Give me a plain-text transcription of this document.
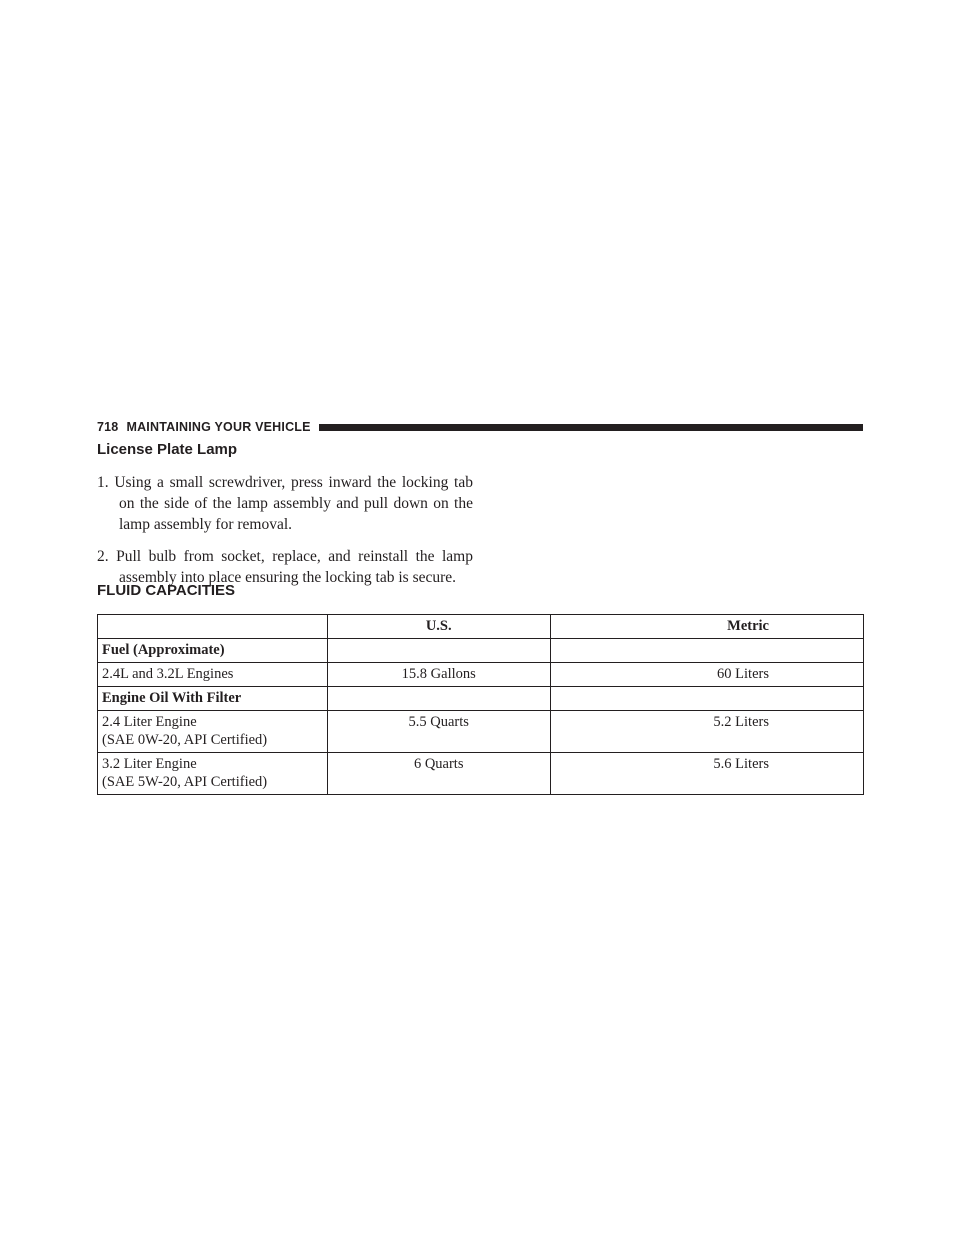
718 MAINTAINING YOUR VEHICLE
License Plate Lamp
1. Using a small screwdriver, press inward the locking tab on the side of the lamp assembly and pull down on the lamp assembly for removal.
2. Pull bulb from socket, replace, and reinstall the lamp assembly into place ensuring the locking tab is secure.
FLUID CAPACITIES
	U.S.	Metric
Fuel (Approximate)		
2.4L and 3.2L Engines	15.8 Gallons	60 Liters
Engine Oil With Filter		
2.4 Liter Engine
(SAE 0W-20, API Certified)	5.5 Quarts	5.2 Liters
3.2 Liter Engine
(SAE 5W-20, API Certified)	6 Quarts	5.6 Liters
